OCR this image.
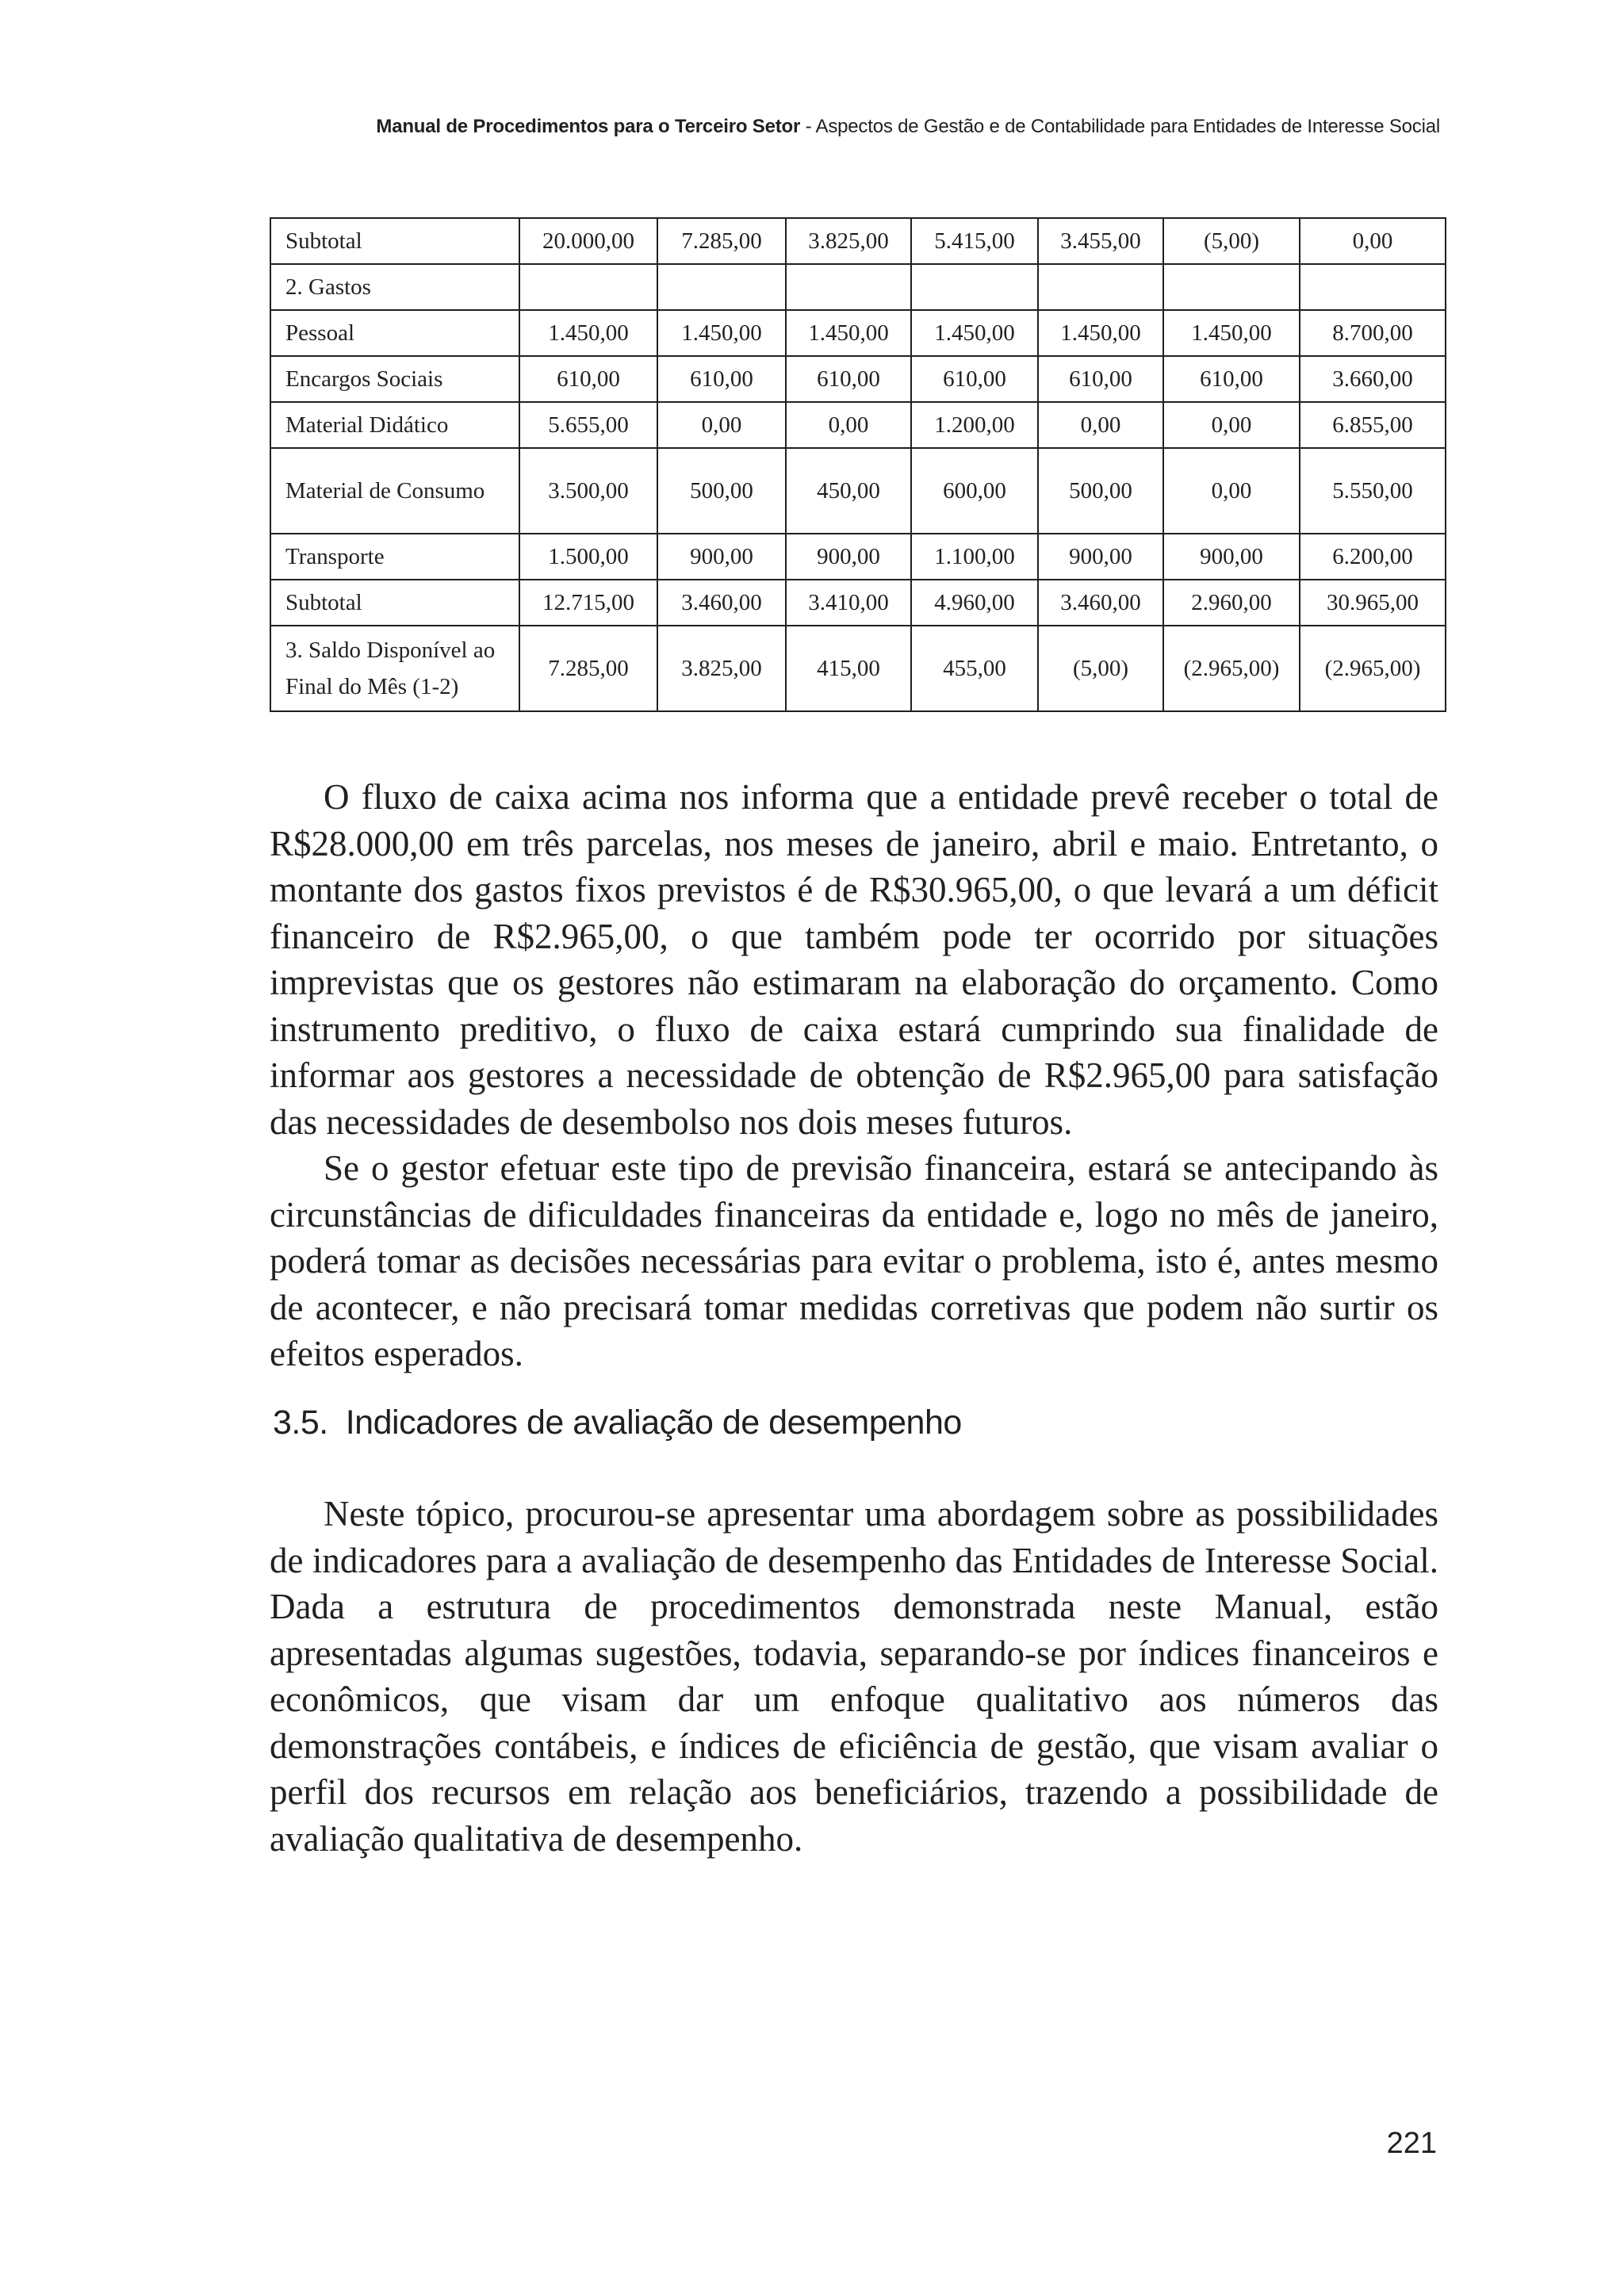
Manual de Procedimentos para o Terceiro Setor - Aspectos de Gestão e de Contabilidade para Entidades de Interesse Social
Subtotal	20.000,00	7.285,00	3.825,00	5.415,00	3.455,00	(5,00)	0,00
2. Gastos							
Pessoal	1.450,00	1.450,00	1.450,00	1.450,00	1.450,00	1.450,00	8.700,00
Encargos Sociais	610,00	610,00	610,00	610,00	610,00	610,00	3.660,00
Material Didático	5.655,00	0,00	0,00	1.200,00	0,00	0,00	6.855,00
Material de Consumo	3.500,00	500,00	450,00	600,00	500,00	0,00	5.550,00
Transporte	1.500,00	900,00	900,00	1.100,00	900,00	900,00	6.200,00
Subtotal	12.715,00	3.460,00	3.410,00	4.960,00	3.460,00	2.960,00	30.965,00
3. Saldo Disponível ao Final do Mês (1-2)	7.285,00	3.825,00	415,00	455,00	(5,00)	(2.965,00)	(2.965,00)

O fluxo de caixa acima nos informa que a entidade prevê receber o total de R$28.000,00 em três parcelas, nos meses de janeiro, abril e maio. Entretanto, o montante dos gastos fixos previstos é de R$30.965,00, o que levará a um déficit financeiro de R$2.965,00, o que também pode ter ocorrido por situações imprevistas que os gestores não estimaram na elaboração do orçamento. Como instrumento preditivo, o fluxo de caixa estará cumprindo sua finalidade de informar aos gestores a necessidade de obtenção de R$2.965,00 para satisfação das necessidades de desembolso nos dois meses futuros.

Se o gestor efetuar este tipo de previsão financeira, estará se antecipando às circunstâncias de dificuldades financeiras da entidade e, logo no mês de janeiro, poderá tomar as decisões necessárias para evitar o problema, isto é, antes mesmo de acontecer, e não precisará tomar medidas corretivas que podem não surtir os efeitos esperados.

3.5. Indicadores de avaliação de desempenho

Neste tópico, procurou-se apresentar uma abordagem sobre as possibilidades de indicadores para a avaliação de desempenho das Entidades de Interesse Social. Dada a estrutura de procedimentos demonstrada neste Manual, estão apresentadas algumas sugestões, todavia, separando-se por índices financeiros e econômicos, que visam dar um enfoque qualitativo aos números das demonstrações contábeis, e índices de eficiência de gestão, que visam avaliar o perfil dos recursos em relação aos beneficiários, trazendo a possibilidade de avaliação qualitativa de desempenho.

221
